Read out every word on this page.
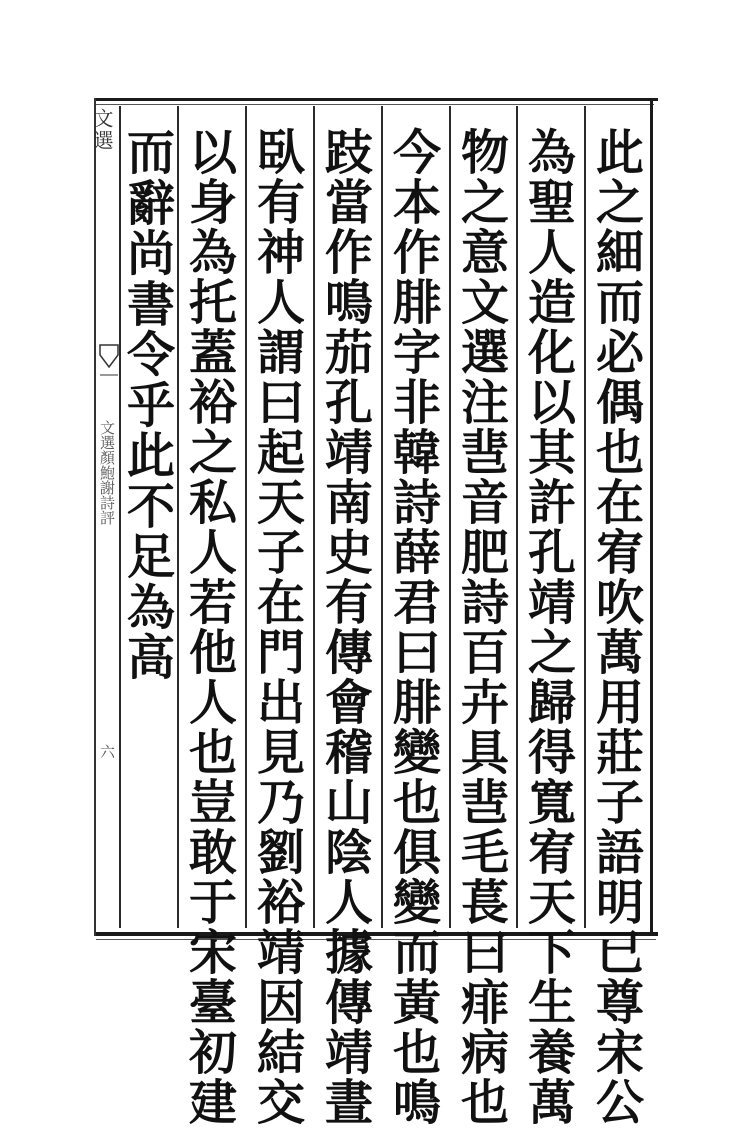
文選
文選顏鮑謝詩評
六
此
之
細
而
必
偶
也
在
宥
吹
萬
用
莊
子
語
明
已
尊
宋
公
為
聖
人
造
化
以
其
許
孔
靖
之
歸
得
寬
宥
天
下
生
養
萬
物
之
意
文
選
注
䨽
音
肥
詩
百
卉
具
䨽
毛
萇
曰
痱
病
也
今
本
作
腓
字
非
韓
詩
薛
君
曰
腓
變
也
俱
變
而
黃
也
鳴
跂
當
作
鳴
茄
孔
靖
南
史
有
傳
會
稽
山
陰
人
據
傳
靖
晝
臥
有
神
人
謂
曰
起
天
子
在
門
出
見
乃
劉
裕
靖
因
結
交
以
身
為
托
蓋
裕
之
私
人
若
他
人
也
豈
敢
于
宋
臺
初
建
而
辭
尚
書
令
乎
此
不
足
為
高
